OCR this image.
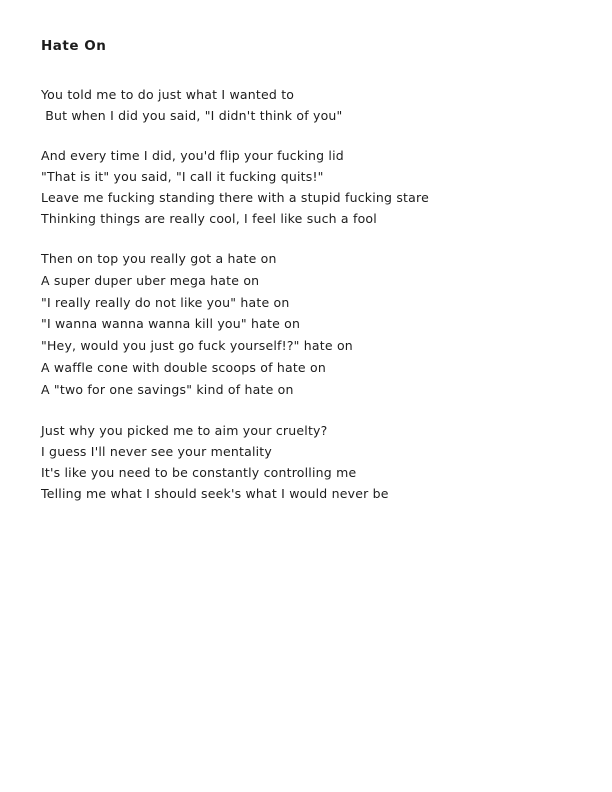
Hate On
You told me to do just what I wanted to
But when I did you said, "I didn't think of you"
And every time I did, you'd flip your fucking lid
"That is it" you said, "I call it fucking quits!"
Leave me fucking standing there with a stupid fucking stare
Thinking things are really cool, I feel like such a fool
Then on top you really got a hate on
A super duper uber mega hate on
"I really really do not like you" hate on
"I wanna wanna wanna kill you" hate on
"Hey, would you just go fuck yourself!?" hate on
A waffle cone with double scoops of hate on
A "two for one savings" kind of hate on
Just why you picked me to aim your cruelty?
I guess I'll never see your mentality
It's like you need to be constantly controlling me
Telling me what I should seek's what I would never be
